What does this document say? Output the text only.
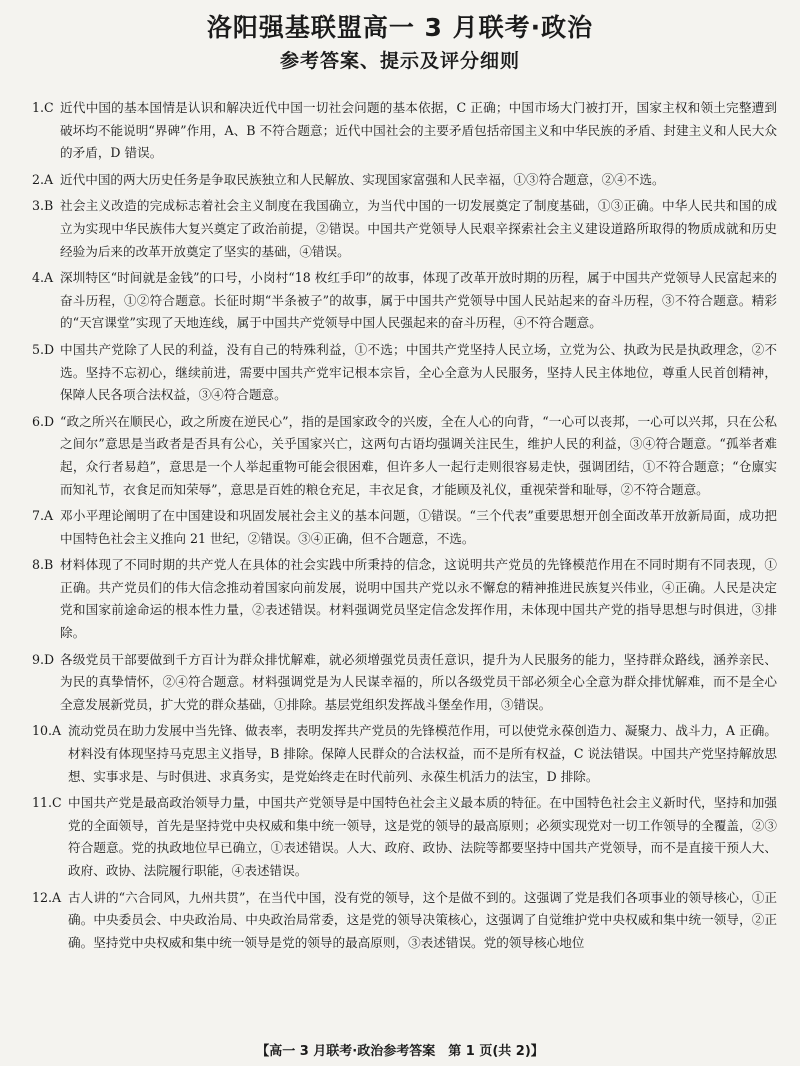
洛阳强基联盟高一 3 月联考·政治
参考答案、提示及评分细则
1.C 近代中国的基本国情是认识和解决近代中国一切社会问题的基本依据，C 正确；中国市场大门被打开，国家主权和领土完整遭到破坏均不能说明“界碑”作用，A、B 不符合题意；近代中国社会的主要矛盾包括帝国主义和中华民族的矛盾、封建主义和人民大众的矛盾，D 错误。
2.A 近代中国的两大历史任务是争取民族独立和人民解放、实现国家富强和人民幸福，①③符合题意，②④不选。
3.B 社会主义改造的完成标志着社会主义制度在我国确立，为当代中国的一切发展奠定了制度基础，①③正确。中华人民共和国的成立为实现中华民族伟大复兴奠定了政治前提，②错误。中国共产党领导人民艰辛探索社会主义建设道路所取得的物质成就和历史经验为后来的改革开放奠定了坚实的基础，④错误。
4.A 深圳特区“时间就是金钱”的口号，小岗村“18 枚红手印”的故事，体现了改革开放时期的历程，属于中国共产党领导人民富起来的奋斗历程，①②符合题意。长征时期“半条被子”的故事，属于中国共产党领导中国人民站起来的奋斗历程，③不符合题意。精彩的“天宫课堂”实现了天地连线，属于中国共产党领导中国人民强起来的奋斗历程，④不符合题意。
5.D 中国共产党除了人民的利益，没有自己的特殊利益，①不选；中国共产党坚持人民立场，立党为公、执政为民是执政理念，②不选。坚持不忘初心，继续前进，需要中国共产党牢记根本宗旨，全心全意为人民服务，坚持人民主体地位，尊重人民首创精神，保障人民各项合法权益，③④符合题意。
6.D “政之所兴在顺民心，政之所废在逆民心”，指的是国家政令的兴废，全在人心的向背，“一心可以丧邦，一心可以兴邦，只在公私之间尔”意思是当政者是否具有公心，关乎国家兴亡，这两句古语均强调关注民生，维护人民的利益，③④符合题意。“孤举者难起，众行者易趋”，意思是一个人举起重物可能会很困难，但许多人一起行走则很容易走快，强调团结，①不符合题意；“仓廪实而知礼节，衣食足而知荣辱”，意思是百姓的粮仓充足，丰衣足食，才能顾及礼仪，重视荣誉和耻辱，②不符合题意。
7.A 邓小平理论阐明了在中国建设和巩固发展社会主义的基本问题，①错误。“三个代表”重要思想开创全面改革开放新局面，成功把中国特色社会主义推向 21 世纪，②错误。③④正确，但不合题意，不选。
8.B 材料体现了不同时期的共产党人在具体的社会实践中所秉持的信念，这说明共产党员的先锋模范作用在不同时期有不同表现，①正确。共产党员们的伟大信念推动着国家向前发展，说明中国共产党以永不懈怠的精神推进民族复兴伟业，④正确。人民是决定党和国家前途命运的根本性力量，②表述错误。材料强调党员坚定信念发挥作用，未体现中国共产党的指导思想与时俱进，③排除。
9.D 各级党员干部要做到千方百计为群众排忧解难，就必须增强党员责任意识，提升为人民服务的能力，坚持群众路线，涵养亲民、为民的真挚情怀，②④符合题意。材料强调党是为人民谋幸福的，所以各级党员干部必须全心全意为群众排忧解难，而不是全心全意发展新党员，扩大党的群众基础，①排除。基层党组织发挥战斗堡垒作用，③错误。
10.A 流动党员在助力发展中当先锋、做表率，表明发挥共产党员的先锋模范作用，可以使党永葆创造力、凝聚力、战斗力，A 正确。材料没有体现坚持马克思主义指导，B 排除。保障人民群众的合法权益，而不是所有权益，C 说法错误。中国共产党坚持解放思想、实事求是、与时俱进、求真务实，是党始终走在时代前列、永葆生机活力的法宝，D 排除。
11.C 中国共产党是最高政治领导力量，中国共产党领导是中国特色社会主义最本质的特征。在中国特色社会主义新时代，坚持和加强党的全面领导，首先是坚持党中央权威和集中统一领导，这是党的领导的最高原则；必须实现党对一切工作领导的全覆盖，②③符合题意。党的执政地位早已确立，①表述错误。人大、政府、政协、法院等都要坚持中国共产党领导，而不是直接干预人大、政府、政协、法院履行职能，④表述错误。
12.A 古人讲的“六合同风，九州共贯”，在当代中国，没有党的领导，这个是做不到的。这强调了党是我们各项事业的领导核心，①正确。中央委员会、中央政治局、中央政治局常委，这是党的领导决策核心，这强调了自觉维护党中央权威和集中统一领导，②正确。坚持党中央权威和集中统一领导是党的领导的最高原则，③表述错误。党的领导核心地位
【高一 3 月联考·政治参考答案　第 1 页(共 2)】
